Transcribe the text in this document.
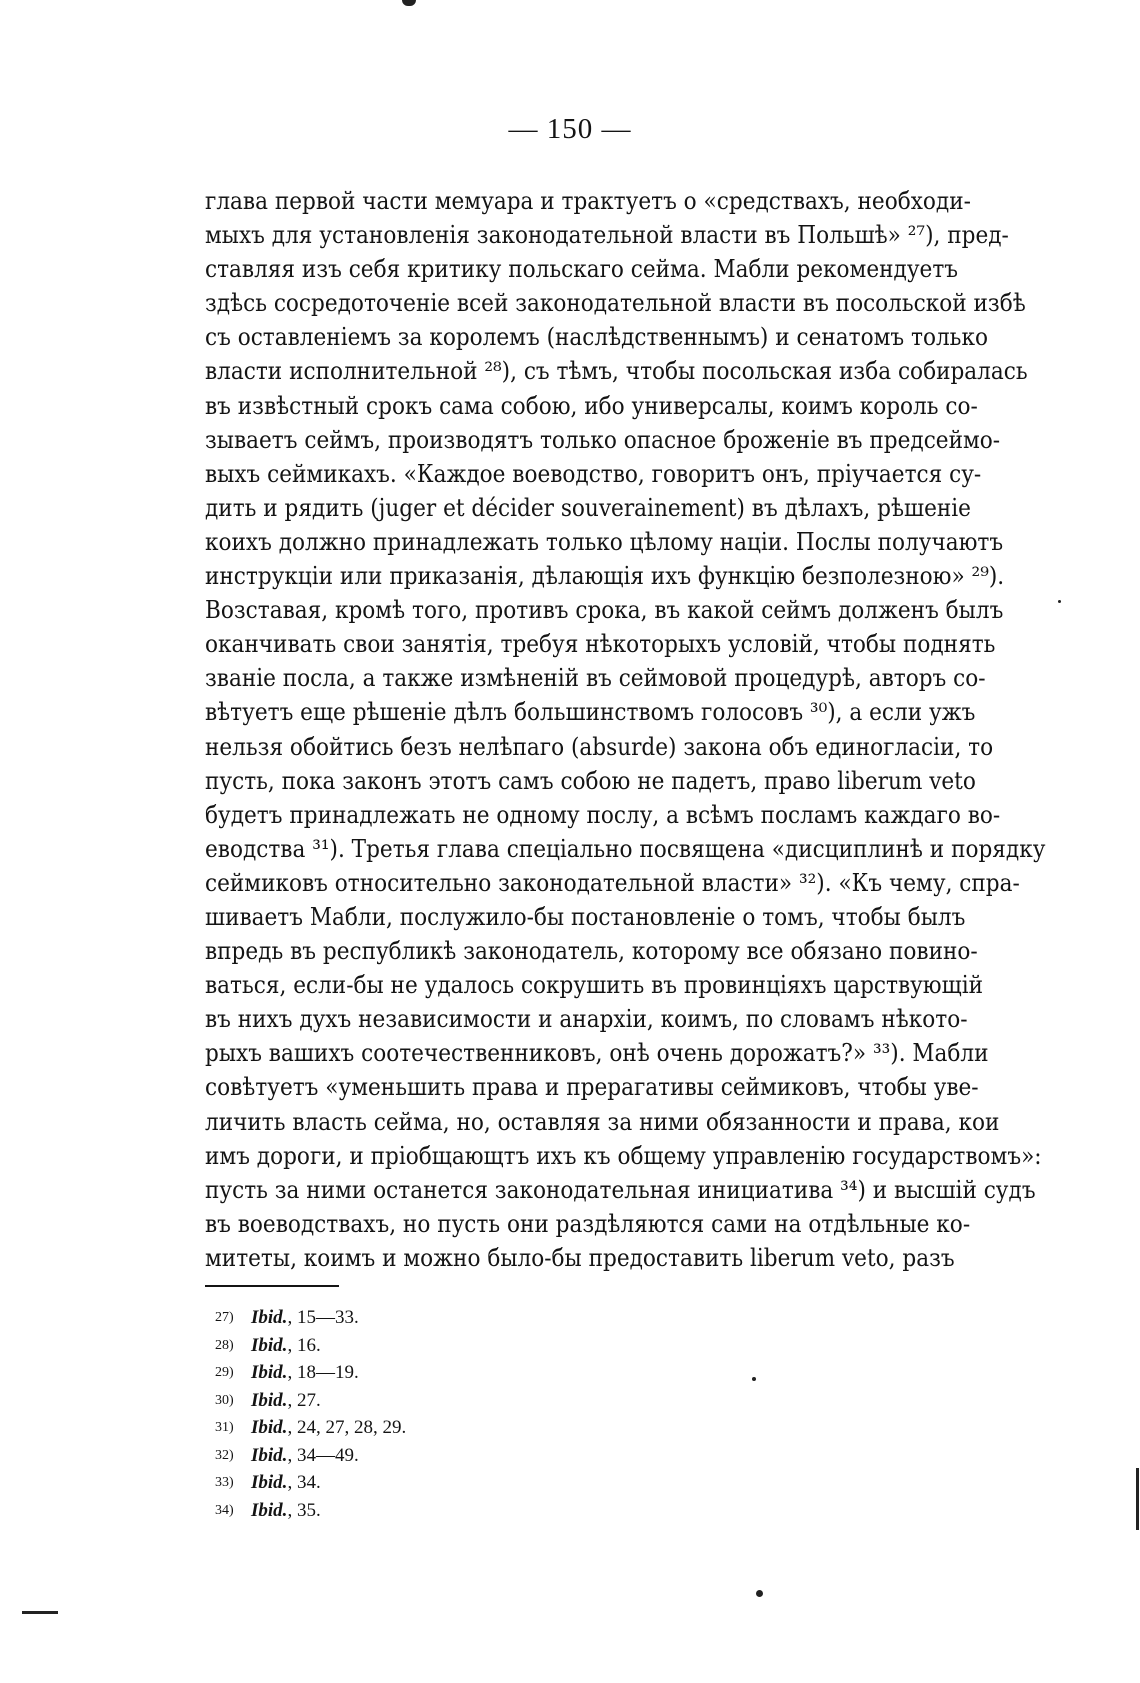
— 150 —
глава первой части мемуара и трактуетъ о «средствахъ, необходи-
мыхъ для установленія законодательной власти въ Польшѣ» ²⁷), пред-
ставляя изъ себя критику польскаго сейма. Мабли рекомендуетъ
здѣсь сосредоточеніе всей законодательной власти въ посольской избѣ
съ оставленіемъ за королемъ (наслѣдственнымъ) и сенатомъ только
власти исполнительной ²⁸), съ тѣмъ, чтобы посольская изба собиралась
въ извѣстный срокъ сама собою, ибо универсалы, коимъ король со-
зываетъ сеймъ, производятъ только опасное броженіе въ предсеймо-
выхъ сеймикахъ. «Каждое воеводство, говоритъ онъ, пріучается су-
дить и рядить (juger et décider souverainement) въ дѣлахъ, рѣшеніе
коихъ должно принадлежать только цѣлому націи. Послы получаютъ
инструкціи или приказанія, дѣлающія ихъ функцію безполезною» ²⁹).
Возставая, кромѣ того, противъ срока, въ какой сеймъ долженъ былъ
оканчивать свои занятія, требуя нѣкоторыхъ условій, чтобы поднять
званіе посла, а также измѣненій въ сеймовой процедурѣ, авторъ со-
вѣтуетъ еще рѣшеніе дѣлъ большинствомъ голосовъ ³⁰), а если ужъ
нельзя обойтись безъ нелѣпаго (absurde) закона объ единогласіи, то
пусть, пока законъ этотъ самъ собою не падетъ, право liberum veto
будетъ принадлежать не одному послу, а всѣмъ посламъ каждаго во-
еводства ³¹). Третья глава спеціально посвящена «дисциплинѣ и порядку
сеймиковъ относительно законодательной власти» ³²). «Къ чему, спра-
шиваетъ Мабли, послужило-бы постановленіе о томъ, чтобы былъ
впредь въ республикѣ законодатель, которому все обязано повино-
ваться, если-бы не удалось сокрушить въ провинціяхъ царствующій
въ нихъ духъ независимости и анархіи, коимъ, по словамъ нѣкото-
рыхъ вашихъ соотечественниковъ, онѣ очень дорожатъ?» ³³). Мабли
совѣтуетъ «уменьшить права и прерагативы сеймиковъ, чтобы уве-
личить власть сейма, но, оставляя за ними обязанности и права, кои
имъ дороги, и пріобщающтъ ихъ къ общему управленію государствомъ»:
пусть за ними останется законодательная инициатива ³⁴) и высшій судъ
въ воеводствахъ, но пусть они раздѣляются сами на отдѣльные ко-
митеты, коимъ и можно было-бы предоставить liberum veto, разъ
27) Ibid., 15—33.
28) Ibid., 16.
29) Ibid., 18—19.
30) Ibid., 27.
31) Ibid., 24, 27, 28, 29.
32) Ibid., 34—49.
33) Ibid., 34.
34) Ibid., 35.
